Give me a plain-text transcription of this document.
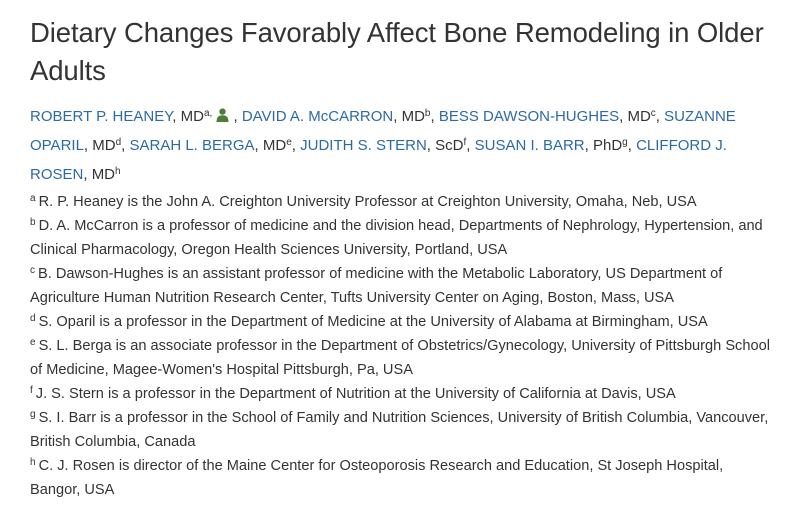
Dietary Changes Favorably Affect Bone Remodeling in Older Adults

ROBERT P. HEANEY, $MD^{a,}$ , DAVID A. McCARRON, $MD^b$, BESS DAWSON-HUGHES, $MD^c$, SUZANNE OPARIL, $MD^d$, SARAH L. BERGA, MDe, JUDITH S. STERN, ScD$^f$, SUSAN I. BARR, PhD$^g$, CLIFFORD J. ROSEN, $MD^h$

$^a$ R. P. Heaney is the John A. Creighton University Professor at Creighton University, Omaha, Neb, USA

$^b$ D. A. McCarron is a professor of medicine and the division head, Departments of Nephrology, Hypertension, and Clinical Pharmacology, Oregon Health Sciences University, Portland, USA

$^c$ B. Dawson-Hughes is an assistant professor of medicine with the Metabolic Laboratory, US Department of Agriculture Human Nutrition Research Center, Tufts University Center on Aging, Boston, Mass, USA

$^d$ S. Oparil is a professor in the Department of Medicine at the University of Alabama at Birmingham, USA

$^e$ S. L. Berga is an associate professor in the Department of Obstetrics/Gynecology, University of Pittsburgh School of Medicine, Magee-Women's Hospital Pittsburgh, Pa, USA

$^f$ J. S. Stern is a professor in the Department of Nutrition at the University of California at Davis, USA

$^g$ S. I. Barr is a professor in the School of Family and Nutrition Sciences, University of British Columbia, Vancouver, British Columbia, Canada

$^h$ C. J. Rosen is director of the Maine Center for Osteoporosis Research and Education, St Joseph Hospital, Bangor, USA
